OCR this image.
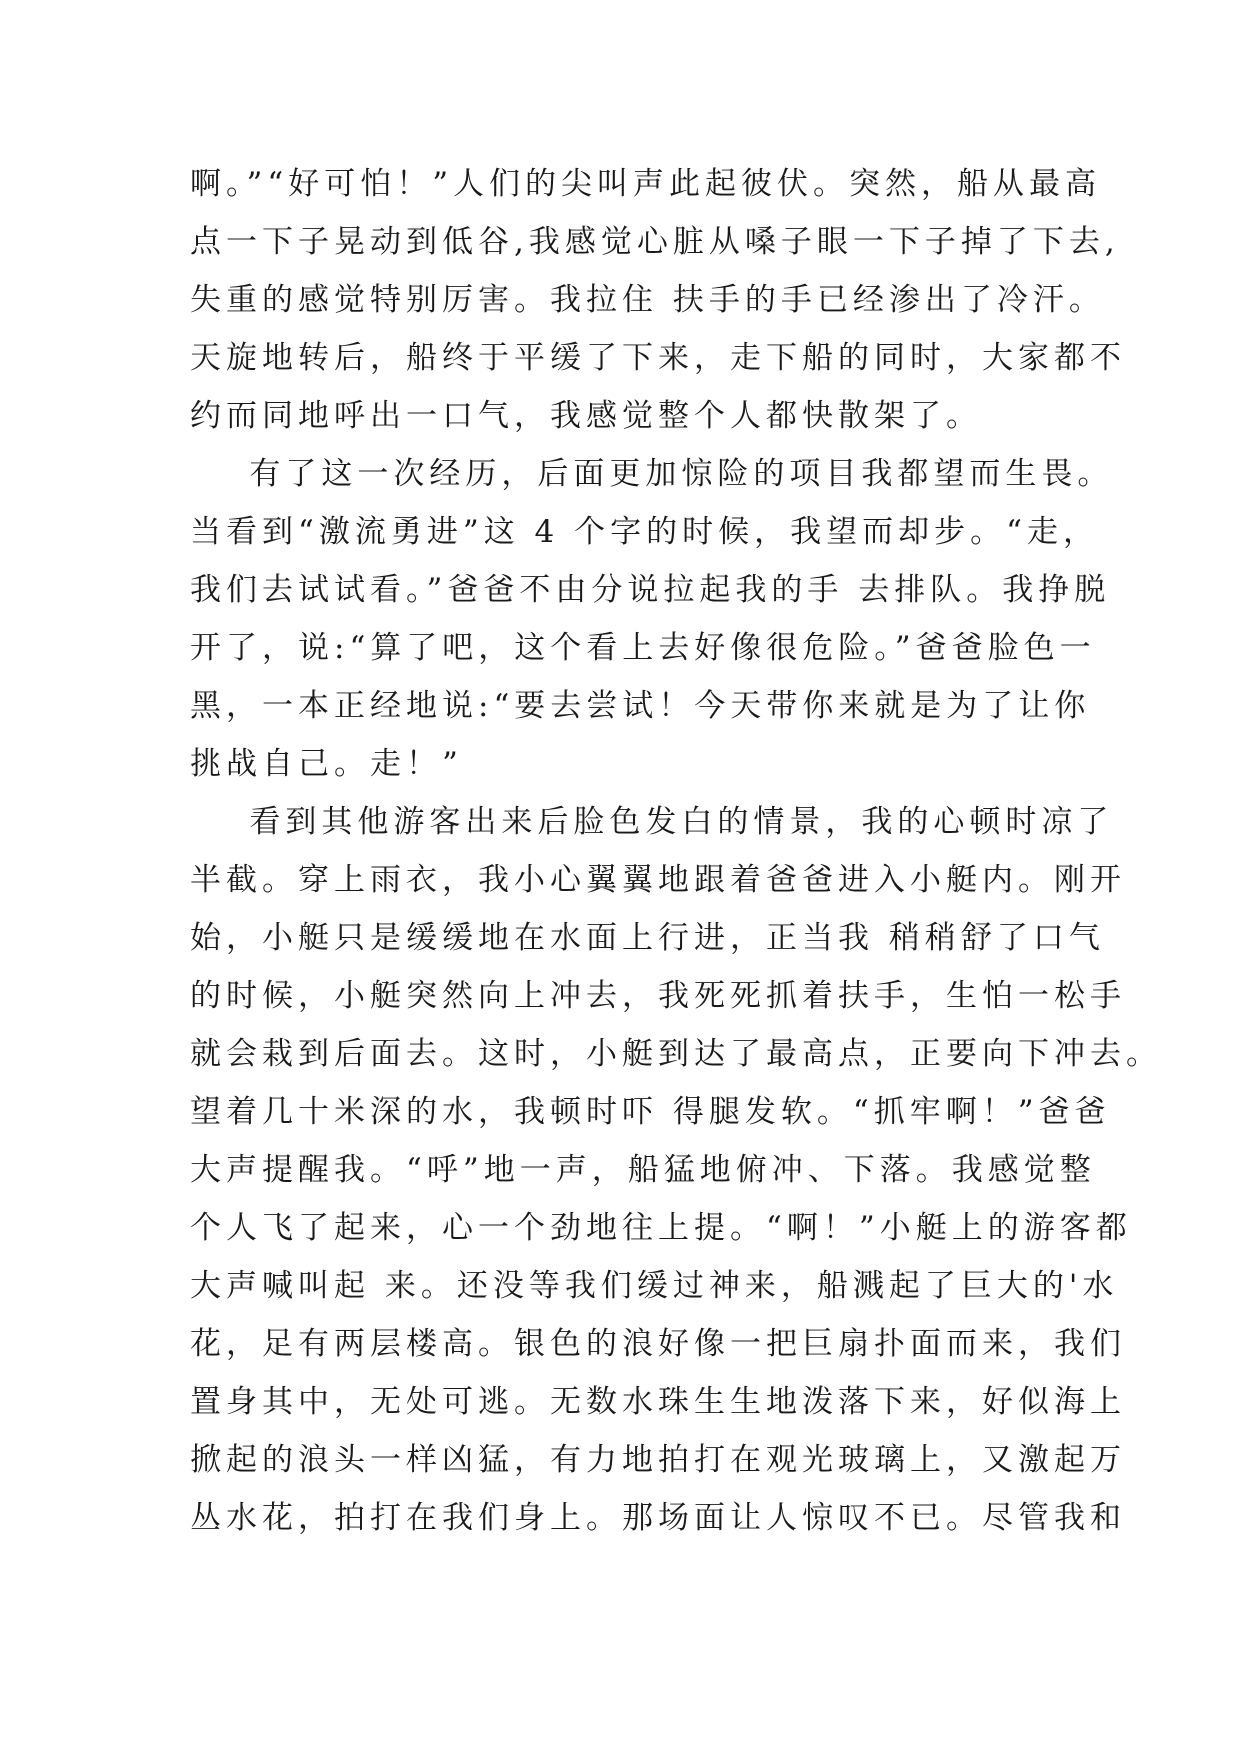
啊。”“好可怕！”人们的尖叫声此起彼伏。突然，船从最高
点一下子晃动到低谷,我感觉心脏从嗓子眼一下子掉了下去,
失重的感觉特别厉害。我拉住 扶手的手已经渗出了冷汗。
天旋地转后，船终于平缓了下来，走下船的同时，大家都不
约而同地呼出一口气，我感觉整个人都快散架了。
有了这一次经历，后面更加惊险的项目我都望而生畏。
当看到“激流勇进”这 4 个字的时候，我望而却步。“走，
我们去试试看。”爸爸不由分说拉起我的手 去排队。我挣脱
开了，说:“算了吧，这个看上去好像很危险。”爸爸脸色一
黑，一本正经地说:“要去尝试！今天带你来就是为了让你
挑战自己。走！”
看到其他游客出来后脸色发白的情景，我的心顿时凉了
半截。穿上雨衣，我小心翼翼地跟着爸爸进入小艇内。刚开
始，小艇只是缓缓地在水面上行进，正当我 稍稍舒了口气
的时候，小艇突然向上冲去，我死死抓着扶手，生怕一松手
就会栽到后面去。这时，小艇到达了最高点，正要向下冲去。
望着几十米深的水，我顿时吓 得腿发软。“抓牢啊！”爸爸
大声提醒我。“呼”地一声，船猛地俯冲、下落。我感觉整
个人飞了起来，心一个劲地往上提。“啊！”小艇上的游客都
大声喊叫起 来。还没等我们缓过神来，船溅起了巨大的'水
花，足有两层楼高。银色的浪好像一把巨扇扑面而来，我们
置身其中，无处可逃。无数水珠生生地泼落下来，好似海上
掀起的浪头一样凶猛，有力地拍打在观光玻璃上，又激起万
丛水花，拍打在我们身上。那场面让人惊叹不已。尽管我和
